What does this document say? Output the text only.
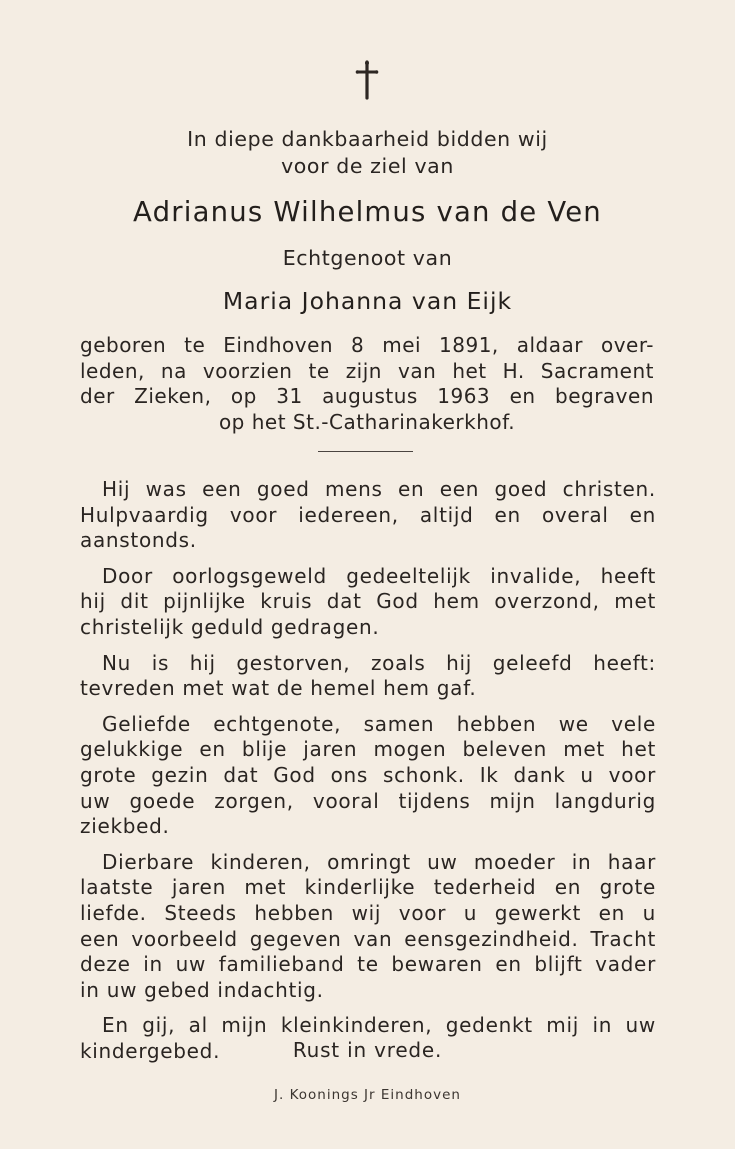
In diepe dankbaarheid bidden wij
voor de ziel van
Adrianus Wilhelmus van de Ven
Echtgenoot van
Maria Johanna van Eijk
geboren te Eindhoven 8 mei 1891, aldaar over-
leden, na voorzien te zijn van het H. Sacrament
der Zieken, op 31 augustus 1963 en begraven
op het St.-Catharinakerkhof.
Hij was een goed mens en een goed christen.
Hulpvaardig voor iedereen, altijd en overal en
aanstonds.
Door oorlogsgeweld gedeeltelijk invalide, heeft
hij dit pijnlijke kruis dat God hem overzond, met
christelijk geduld gedragen.
Nu is hij gestorven, zoals hij geleefd heeft:
tevreden met wat de hemel hem gaf.
Geliefde echtgenote, samen hebben we vele
gelukkige en blije jaren mogen beleven met het
grote gezin dat God ons schonk. Ik dank u voor
uw goede zorgen, vooral tijdens mijn langdurig
ziekbed.
Dierbare kinderen, omringt uw moeder in haar
laatste jaren met kinderlijke tederheid en grote
liefde. Steeds hebben wij voor u gewerkt en u
een voorbeeld gegeven van eensgezindheid. Tracht
deze in uw familieband te bewaren en blijft vader
in uw gebed indachtig.
En gij, al mijn kleinkinderen, gedenkt mij in uw
kindergebed.	Rust in vrede.
J. Koonings Jr Eindhoven
